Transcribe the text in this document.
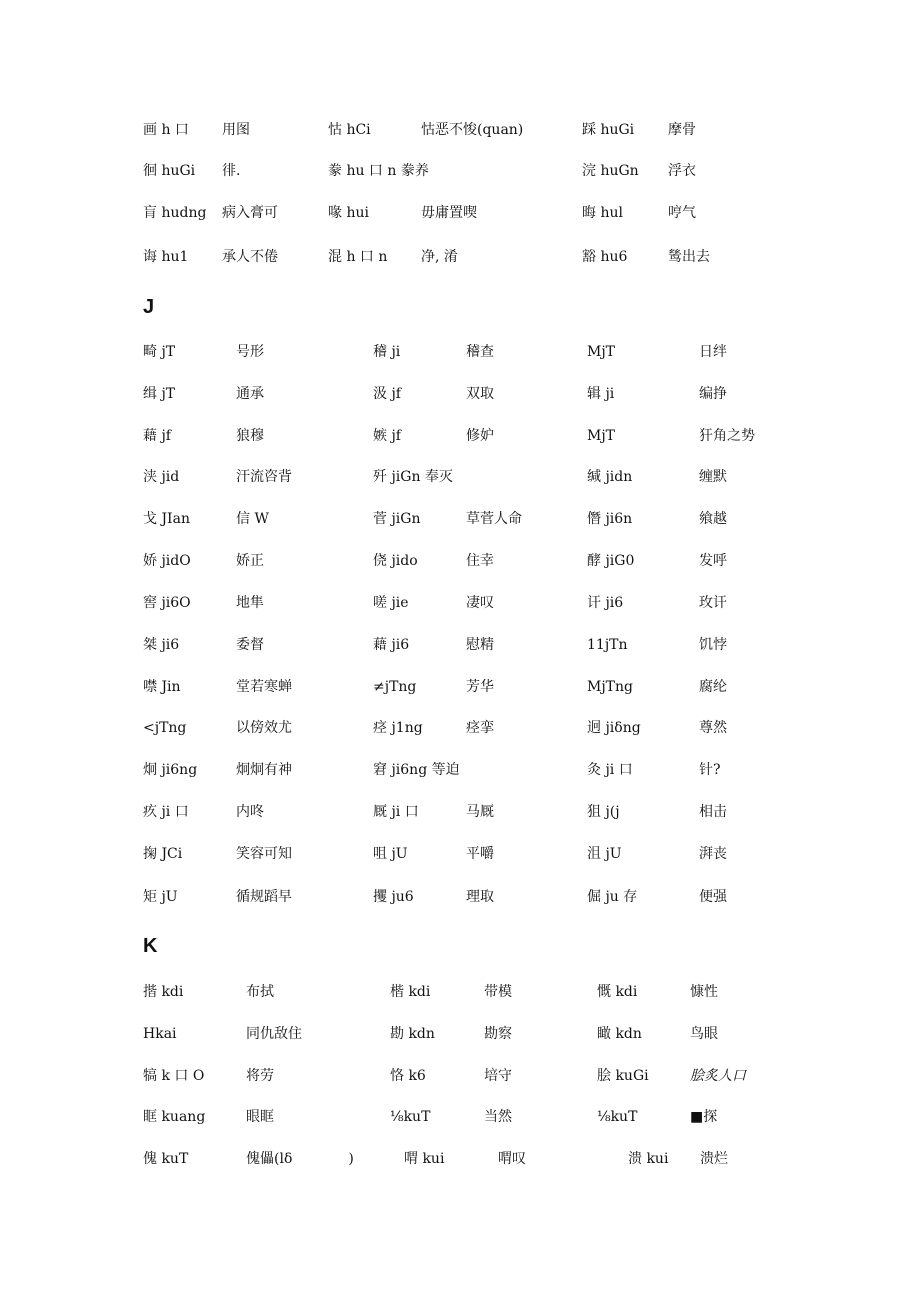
画 h 口 用图	怙 hCi	怙恶不悛(quan)	踩 huGi 摩骨
徊 huGi 徘.	豢 hu 口 n 豢养	浣 huGn 浮衣
肓 hudng 病入膏可	喙 hui	毋庸置喫	晦 hul	哼气
诲 hu1 承人不倦	混 h 口 n 净, 淆	豁 hu6	鸶出去
J
畸 jT	号形	稽 ji	稽查	MjT	日绊
缉 jT	通承	汲 jf	双取	辑 ji	编挣
藉 jf	狼穆	嫉 jf	修妒	MjT	犴角之势
浃 jid	汗流咨背	歼 jiGn 奉灭	缄 jidn	缠默
戈 JIan	信 W	菅 jiGn	草菅人命	僭 ji6n	飨越
娇 jidO	娇正	侥 jido	住幸	酵 jiG0	发呼
窖 ji6O	地隼	嗟 jie	凄叹	讦 ji6	玫讦
桀 ji6	委督	藉 ji6	慰精	11jTn	饥悖
噤 Jin	堂若寒蝉	≠jTng	芳华	MjTng	腐纶
<jTng	以傍效尤	痉 j1ng	痉挛	迥 jiδng	尊然
炯 ji6ng	炯炯有神	窘 ji6ng 等迫	灸 ji 口	针?
疚 ji 口	内咚	厩 ji 口	马厩	狙 j(j	相击
掬 JCi	笑容可知	咀 jU	平嚼	沮 jU	湃丧
矩 jU	循规蹈早	攫 ju6	理取	倔 ju 存	便强
K
揩 kdi	布拭	楷 kdi	带模	慨 kdi	慷性
Hkai	同仇敌住	勘 kdn	勘察	瞰 kdn	鸟眼
犒 k 口 O	将劳	恪 k6	培守	脍 kuGi	脍炙人口
眶 kuang	眼眶	⅛kuT	当然	⅛kuT	■探
傀 kuT	傀儡(lδ　　　　)	喟 kui	喟叹	溃 kui 溃烂
